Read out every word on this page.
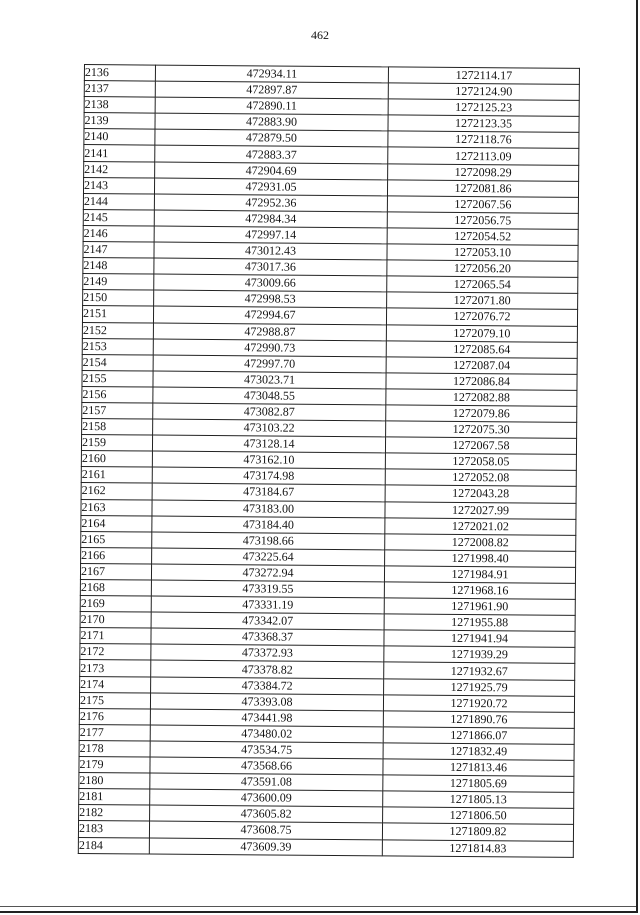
462
2136	472934.11	1272114.17
2137	472897.87	1272124.90
2138	472890.11	1272125.23
2139	472883.90	1272123.35
2140	472879.50	1272118.76
2141	472883.37	1272113.09
2142	472904.69	1272098.29
2143	472931.05	1272081.86
2144	472952.36	1272067.56
2145	472984.34	1272056.75
2146	472997.14	1272054.52
2147	473012.43	1272053.10
2148	473017.36	1272056.20
2149	473009.66	1272065.54
2150	472998.53	1272071.80
2151	472994.67	1272076.72
2152	472988.87	1272079.10
2153	472990.73	1272085.64
2154	472997.70	1272087.04
2155	473023.71	1272086.84
2156	473048.55	1272082.88
2157	473082.87	1272079.86
2158	473103.22	1272075.30
2159	473128.14	1272067.58
2160	473162.10	1272058.05
2161	473174.98	1272052.08
2162	473184.67	1272043.28
2163	473183.00	1272027.99
2164	473184.40	1272021.02
2165	473198.66	1272008.82
2166	473225.64	1271998.40
2167	473272.94	1271984.91
2168	473319.55	1271968.16
2169	473331.19	1271961.90
2170	473342.07	1271955.88
2171	473368.37	1271941.94
2172	473372.93	1271939.29
2173	473378.82	1271932.67
2174	473384.72	1271925.79
2175	473393.08	1271920.72
2176	473441.98	1271890.76
2177	473480.02	1271866.07
2178	473534.75	1271832.49
2179	473568.66	1271813.46
2180	473591.08	1271805.69
2181	473600.09	1271805.13
2182	473605.82	1271806.50
2183	473608.75	1271809.82
2184	473609.39	1271814.83
